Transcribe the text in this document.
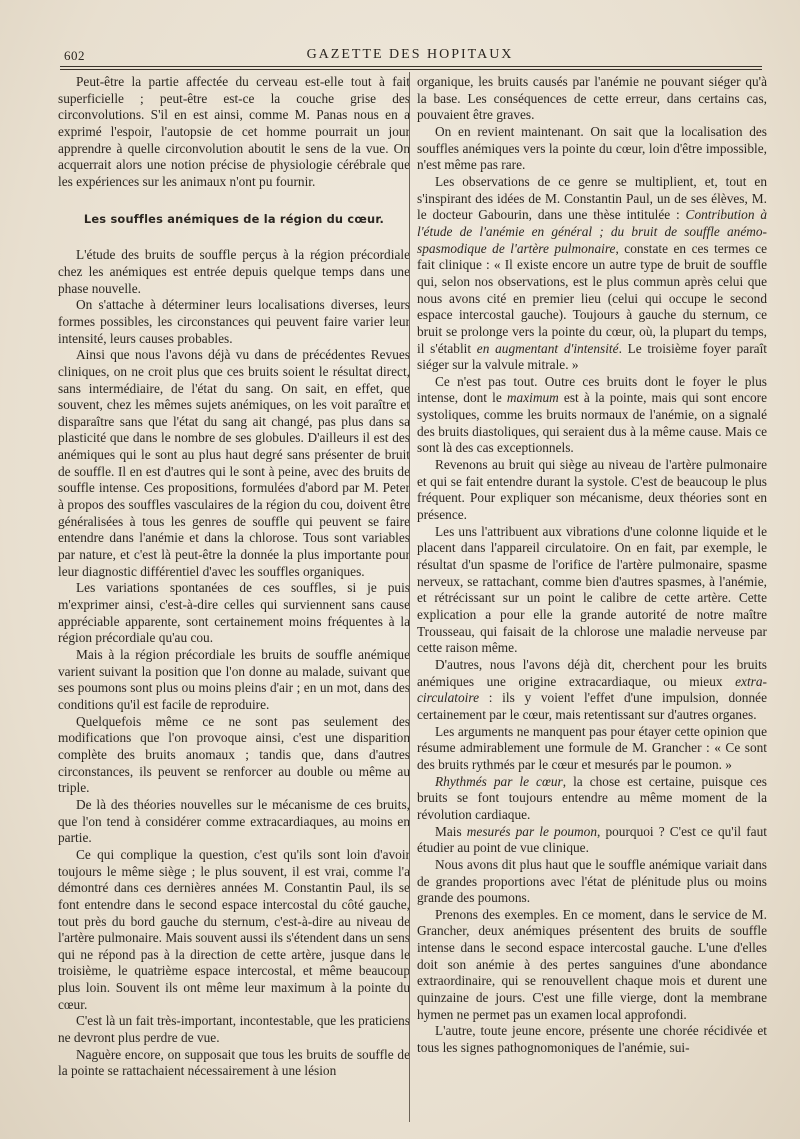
602	GAZETTE DES HOPITAUX

Peut-être la partie affectée du cerveau est-elle tout à fait superficielle ; peut-être est-ce la couche grise des circonvolutions. S'il en est ainsi, comme M. Panas nous en a exprimé l'espoir, l'autopsie de cet homme pourrait un jour apprendre à quelle circonvolution aboutit le sens de la vue. On acquerrait alors une notion précise de physiologie cérébrale que les expériences sur les animaux n'ont pu fournir.

Les souffles anémiques de la région du cœur.

L'étude des bruits de souffle perçus à la région précordiale chez les anémiques est entrée depuis quelque temps dans une phase nouvelle.

On s'attache à déterminer leurs localisations diverses, leurs formes possibles, les circonstances qui peuvent faire varier leur intensité, leurs causes probables.

Ainsi que nous l'avons déjà vu dans de précédentes Revues cliniques, on ne croit plus que ces bruits soient le résultat direct, sans intermédiaire, de l'état du sang. On sait, en effet, que souvent, chez les mêmes sujets anémiques, on les voit paraître et disparaître sans que l'état du sang ait changé, pas plus dans sa plasticité que dans le nombre de ses globules. D'ailleurs il est des anémiques qui le sont au plus haut degré sans présenter de bruit de souffle. Il en est d'autres qui le sont à peine, avec des bruits de souffle intense. Ces propositions, formulées d'abord par M. Peter à propos des souffles vasculaires de la région du cou, doivent être généralisées à tous les genres de souffle qui peuvent se faire entendre dans l'anémie et dans la chlorose. Tous sont variables par nature, et c'est là peut-être la donnée la plus importante pour leur diagnostic différentiel d'avec les souffles organiques.

Les variations spontanées de ces souffles, si je puis m'exprimer ainsi, c'est-à-dire celles qui surviennent sans cause appréciable apparente, sont certainement moins fréquentes à la région précordiale qu'au cou.

Mais à la région précordiale les bruits de souffle anémique varient suivant la position que l'on donne au malade, suivant que ses poumons sont plus ou moins pleins d'air ; en un mot, dans des conditions qu'il est facile de reproduire.

Quelquefois même ce ne sont pas seulement des modifications que l'on provoque ainsi, c'est une disparition complète des bruits anomaux ; tandis que, dans d'autres circonstances, ils peuvent se renforcer au double ou même au triple.

De là des théories nouvelles sur le mécanisme de ces bruits, que l'on tend à considérer comme extracardiaques, au moins en partie.

Ce qui complique la question, c'est qu'ils sont loin d'avoir toujours le même siège ; le plus souvent, il est vrai, comme l'a démontré dans ces dernières années M. Constantin Paul, ils se font entendre dans le second espace intercostal du côté gauche, tout près du bord gauche du sternum, c'est-à-dire au niveau de l'artère pulmonaire. Mais souvent aussi ils s'étendent dans un sens qui ne répond pas à la direction de cette artère, jusque dans le troisième, le quatrième espace intercostal, et même beaucoup plus loin. Souvent ils ont même leur maximum à la pointe du cœur.

C'est là un fait très-important, incontestable, que les praticiens ne devront plus perdre de vue.

Naguère encore, on supposait que tous les bruits de souffle de la pointe se rattachaient nécessairement à une lésion

organique, les bruits causés par l'anémie ne pouvant siéger qu'à la base. Les conséquences de cette erreur, dans certains cas, pouvaient être graves.

On en revient maintenant. On sait que la localisation des souffles anémiques vers la pointe du cœur, loin d'être impossible, n'est même pas rare.

Les observations de ce genre se multiplient, et, tout en s'inspirant des idées de M. Constantin Paul, un de ses élèves, M. le docteur Gabourin, dans une thèse intitulée : Contribution à l'étude de l'anémie en général ; du bruit de souffle anémo-spasmodique de l'artère pulmonaire, constate en ces termes ce fait clinique : « Il existe encore un autre type de bruit de souffle qui, selon nos observations, est le plus commun après celui que nous avons cité en premier lieu (celui qui occupe le second espace intercostal gauche). Toujours à gauche du sternum, ce bruit se prolonge vers la pointe du cœur, où, la plupart du temps, il s'établit en augmentant d'intensité. Le troisième foyer paraît siéger sur la valvule mitrale. »

Ce n'est pas tout. Outre ces bruits dont le foyer le plus intense, dont le maximum est à la pointe, mais qui sont encore systoliques, comme les bruits normaux de l'anémie, on a signalé des bruits diastoliques, qui seraient dus à la même cause. Mais ce sont là des cas exceptionnels.

Revenons au bruit qui siège au niveau de l'artère pulmonaire et qui se fait entendre durant la systole. C'est de beaucoup le plus fréquent. Pour expliquer son mécanisme, deux théories sont en présence.

Les uns l'attribuent aux vibrations d'une colonne liquide et le placent dans l'appareil circulatoire. On en fait, par exemple, le résultat d'un spasme de l'orifice de l'artère pulmonaire, spasme nerveux, se rattachant, comme bien d'autres spasmes, à l'anémie, et rétrécissant sur un point le calibre de cette artère. Cette explication a pour elle la grande autorité de notre maître Trousseau, qui faisait de la chlorose une maladie nerveuse par cette raison même.

D'autres, nous l'avons déjà dit, cherchent pour les bruits anémiques une origine extracardiaque, ou mieux extra-circulatoire : ils y voient l'effet d'une impulsion, donnée certainement par le cœur, mais retentissant sur d'autres organes.

Les arguments ne manquent pas pour étayer cette opinion que résume admirablement une formule de M. Grancher : « Ce sont des bruits rythmés par le cœur et mesurés par le poumon. »

Rhythmés par le cœur, la chose est certaine, puisque ces bruits se font toujours entendre au même moment de la révolution cardiaque.

Mais mesurés par le poumon, pourquoi ? C'est ce qu'il faut étudier au point de vue clinique.

Nous avons dit plus haut que le souffle anémique variait dans de grandes proportions avec l'état de plénitude plus ou moins grande des poumons.

Prenons des exemples. En ce moment, dans le service de M. Grancher, deux anémiques présentent des bruits de souffle intense dans le second espace intercostal gauche. L'une d'elles doit son anémie à des pertes sanguines d'une abondance extraordinaire, qui se renouvellent chaque mois et durent une quinzaine de jours. C'est une fille vierge, dont la membrane hymen ne permet pas un examen local approfondi.

L'autre, toute jeune encore, présente une chorée récidivée et tous les signes pathognomoniques de l'anémie, sui-
